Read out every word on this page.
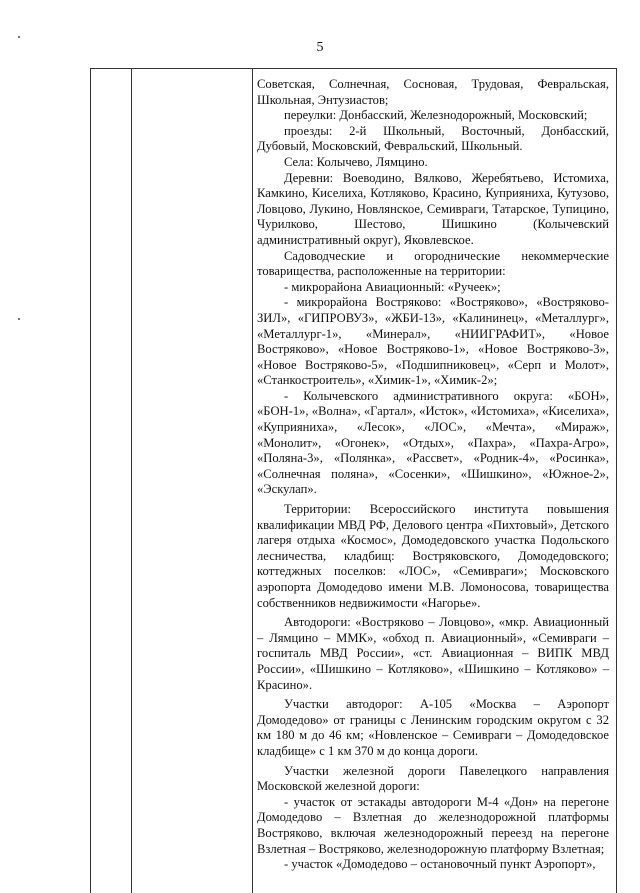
5

Советская, Солнечная, Сосновая, Трудовая, Февральская, Школьная, Энтузиастов;

переулки: Донбасский, Железнодорожный, Московский;

проезды: 2-й Школьный, Восточный, Донбасский, Дубовый, Московский, Февральский, Школьный.

Села: Колычево, Лямцино.

Деревни: Воеводино, Вялково, Жеребятьево, Истомиха, Камкино, Киселиха, Котляково, Красино, Куприяниха, Кутузово, Ловцово, Лукино, Новлянское, Семивраги, Татарское, Тупицино, Чурилково, Шестово, Шишкино (Колычевский административный округ), Яковлевское.

Садоводческие и огороднические некоммерческие товарищества, расположенные на территории:

- микрорайона Авиационный: «Ручеек»;

- микрорайона Востряково: «Востряково», «Востряково-ЗИЛ», «ГИПРОВУЗ», «ЖБИ-13», «Калининец», «Металлург», «Металлург-1», «Минерал», «НИИГРАФИТ», «Новое Востряково», «Новое Востряково-1», «Новое Востряково-3», «Новое Востряково-5», «Подшипниковец», «Серп и Молот», «Станкостроитель», «Химик-1», «Химик-2»;

- Колычевского административного округа: «БОН», «БОН-1», «Волна», «Гартал», «Исток», «Истомиха», «Киселиха», «Куприяниха», «Лесок», «ЛОС», «Мечта», «Мираж», «Монолит», «Огонек», «Отдых», «Пахра», «Пахра-Агро», «Поляна-3», «Полянка», «Рассвет», «Родник-4», «Росинка», «Солнечная поляна», «Сосенки», «Шишкино», «Южное-2», «Эскулап».

Территории: Всероссийского института повышения квалификации МВД РФ, Делового центра «Пихтовый», Детского лагеря отдыха «Космос», Домодедовского участка Подольского лесничества, кладбищ: Востряковского, Домодедовского; коттеджных поселков: «ЛОС», «Семивраги»; Московского аэропорта Домодедово имени М.В. Ломоносова, товарищества собственников недвижимости «Нагорье».

Автодороги: «Востряково – Ловцово», «мкр. Авиационный – Лямцино – ММК», «обход п. Авиационный», «Семивраги – госпиталь МВД России», «ст. Авиационная – ВИПК МВД России», «Шишкино – Котляково», «Шишкино – Котляково» – Красино».

Участки автодорог: А-105 «Москва – Аэропорт Домодедово» от границы с Ленинским городским округом с 32 км 180 м до 46 км; «Новленское – Семивраги – Домодедовское кладбище» с 1 км 370 м до конца дороги.

Участки железной дороги Павелецкого направления Московской железной дороги:

- участок от эстакады автодороги М-4 «Дон» на перегоне Домодедово – Взлетная до железнодорожной платформы Востряково, включая железнодорожный переезд на перегоне Взлетная – Востряково, железнодорожную платформу Взлетная;

- участок «Домодедово – остановочный пункт Аэропорт»,
